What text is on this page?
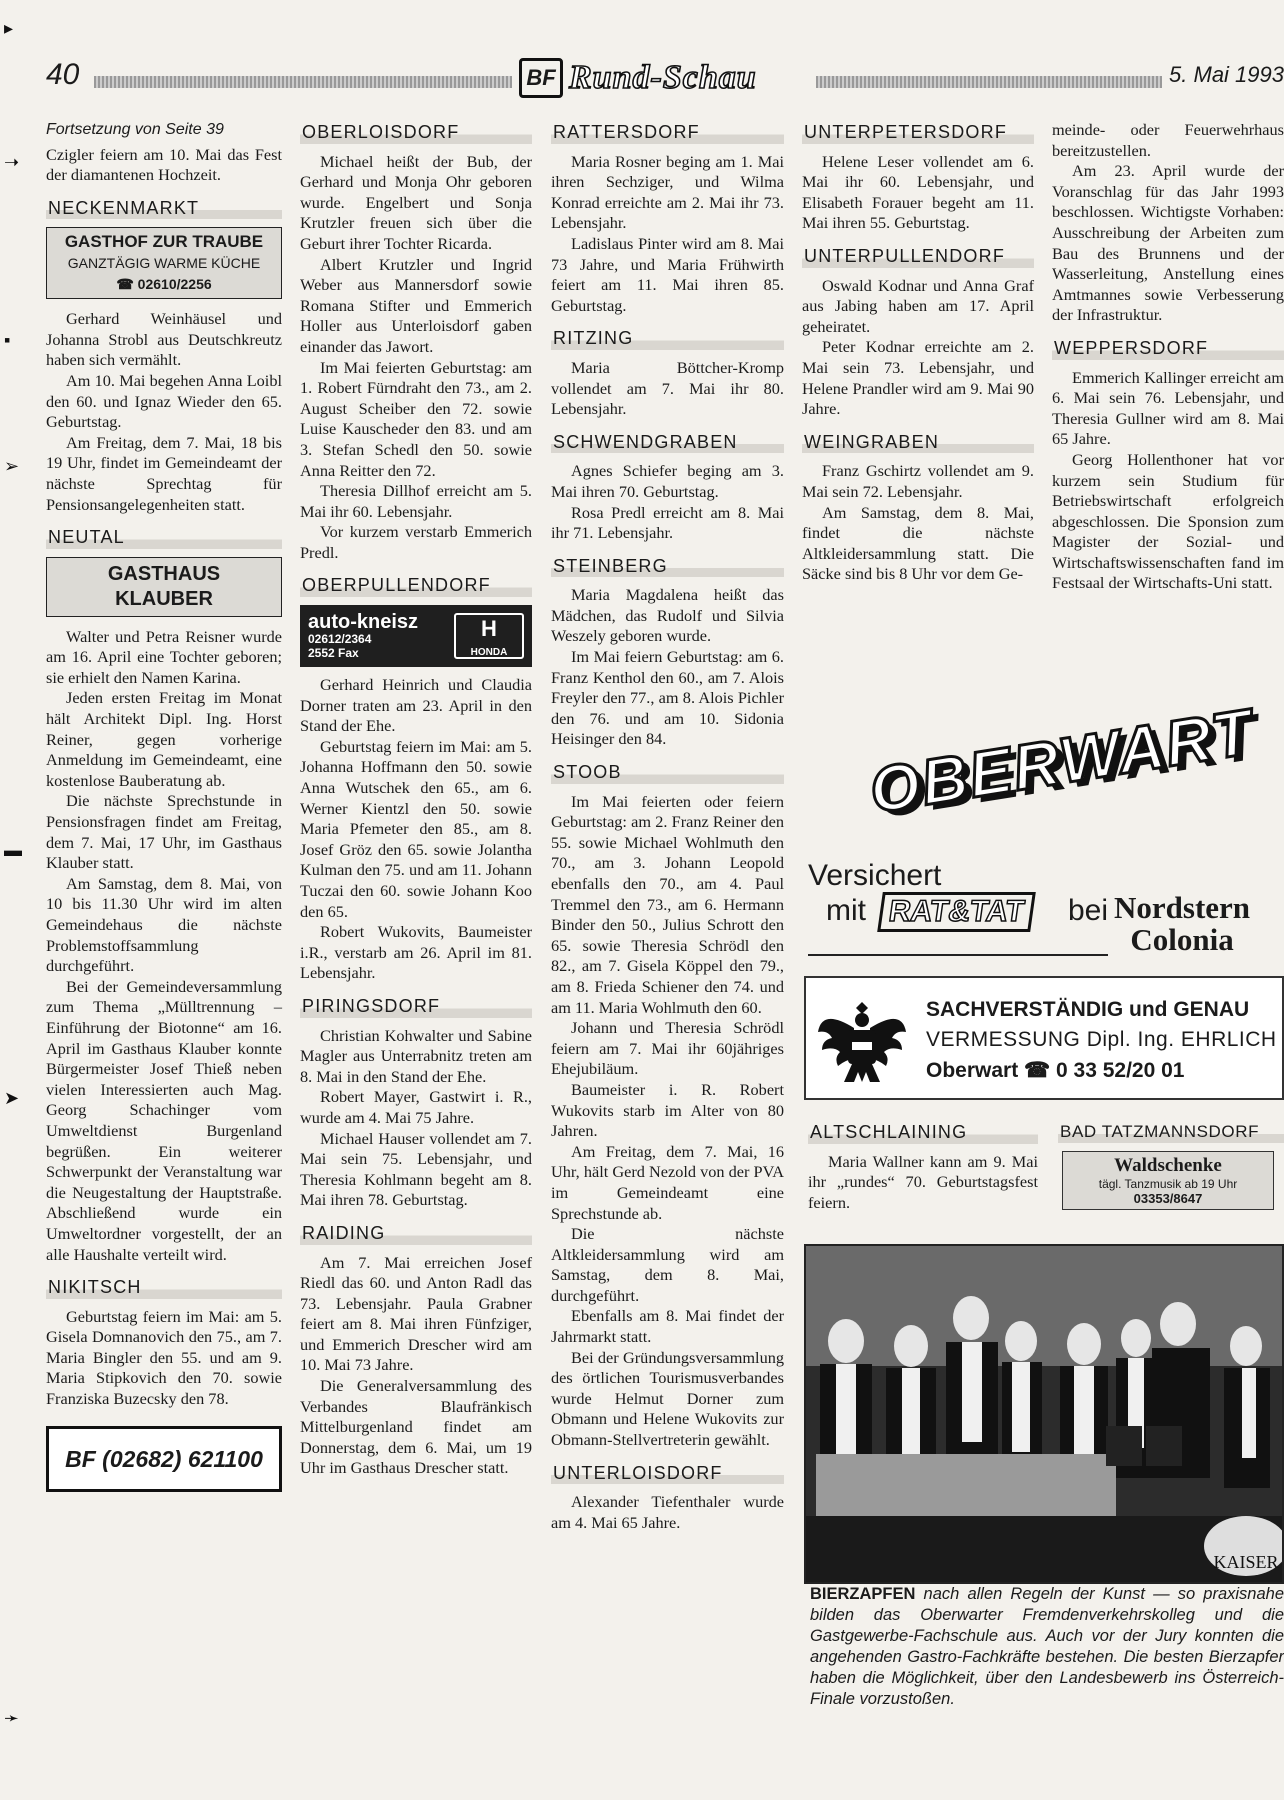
40	BF Rund-Schau	5. Mai 1993
Fortsetzung von Seite 39

Czigler feiern am 10. Mai das Fest der diamantenen Hochzeit.

NECKENMARKT
GASTHOF ZUR TRAUBE
GANZTÄGIG WARME KÜCHE
☎ 02610/2256

Gerhard Weinhäusel und Johanna Strobl aus Deutschkreutz haben sich vermählt.

Am 10. Mai begehen Anna Loibl den 60. und Ignaz Wieder den 65. Geburtstag.

Am Freitag, dem 7. Mai, 18 bis 19 Uhr, findet im Gemeindeamt der nächste Sprechtag für Pensionsangelegenheiten statt.

NEUTAL
GASTHAUS
KLAUBER

Walter und Petra Reisner wurde am 16. April eine Tochter geboren; sie erhielt den Namen Karina.

Jeden ersten Freitag im Monat hält Architekt Dipl. Ing. Horst Reiner, gegen vorherige Anmeldung im Gemeindeamt, eine kostenlose Bauberatung ab.

Die nächste Sprechstunde in Pensionsfragen findet am Freitag, dem 7. Mai, 17 Uhr, im Gasthaus Klauber statt.

Am Samstag, dem 8. Mai, von 10 bis 11.30 Uhr wird im alten Gemeindehaus die nächste Problemstoffsammlung durchgeführt.

Bei der Gemeindeversammlung zum Thema „Mülltrennung – Einführung der Biotonne“ am 16. April im Gasthaus Klauber konnte Bürgermeister Josef Thieß neben vielen Interessierten auch Mag. Georg Schachinger vom Umweltdienst Burgenland begrüßen. Ein weiterer Schwerpunkt der Veranstaltung war die Neugestaltung der Hauptstraße. Abschließend wurde ein Umweltordner vorgestellt, der an alle Haushalte verteilt wird.

NIKITSCH

Geburtstag feiern im Mai: am 5. Gisela Domnanovich den 75., am 7. Maria Bingler den 55. und am 9. Maria Stipkovich den 70. sowie Franziska Buzecsky den 78.

BF (02682) 621100
OBERLOISDORF

Michael heißt der Bub, der Gerhard und Monja Ohr geboren wurde. Engelbert und Sonja Krutzler freuen sich über die Geburt ihrer Tochter Ricarda.

Albert Krutzler und Ingrid Weber aus Mannersdorf sowie Romana Stifter und Emmerich Holler aus Unterloisdorf gaben einander das Jawort.

Im Mai feierten Geburtstag: am 1. Robert Fürndraht den 73., am 2. August Scheiber den 72. sowie Luise Kauscheder den 83. und am 3. Stefan Schedl den 50. sowie Anna Reitter den 72.

Theresia Dillhof erreicht am 5. Mai ihr 60. Lebensjahr.

Vor kurzem verstarb Emmerich Predl.

OBERPULLENDORF
auto-kneisz
02612/2364
2552 Fax
H
HONDA

Gerhard Heinrich und Claudia Dorner traten am 23. April in den Stand der Ehe.

Geburtstag feiern im Mai: am 5. Johanna Hoffmann den 50. sowie Anna Wutschek den 65., am 6. Werner Kientzl den 50. sowie Maria Pfemeter den 85., am 8. Josef Gröz den 65. sowie Jolantha Kulman den 75. und am 11. Johann Tuczai den 60. sowie Johann Koo den 65.

Robert Wukovits, Baumeister i.R., verstarb am 26. April im 81. Lebensjahr.

PIRINGSDORF

Christian Kohwalter und Sabine Magler aus Unterrabnitz treten am 8. Mai in den Stand der Ehe.

Robert Mayer, Gastwirt i. R., wurde am 4. Mai 75 Jahre.

Michael Hauser vollendet am 7. Mai sein 75. Lebensjahr, und Theresia Kohlmann begeht am 8. Mai ihren 78. Geburtstag.

RAIDING

Am 7. Mai erreichen Josef Riedl das 60. und Anton Radl das 73. Lebensjahr. Paula Grabner feiert am 8. Mai ihren Fünfziger, und Emmerich Drescher wird am 10. Mai 73 Jahre.

Die Generalversammlung des Verbandes Blaufränkisch Mittelburgenland findet am Donnerstag, dem 6. Mai, um 19 Uhr im Gasthaus Drescher statt.

RATTERSDORF

Maria Rosner beging am 1. Mai ihren Sechziger, und Wilma Konrad erreichte am 2. Mai ihr 73. Lebensjahr.

Ladislaus Pinter wird am 8. Mai 73 Jahre, und Maria Frühwirth feiert am 11. Mai ihren 85. Geburtstag.

RITZING

Maria Böttcher-Kromp vollendet am 7. Mai ihr 80. Lebensjahr.

SCHWENDGRABEN

Agnes Schiefer beging am 3. Mai ihren 70. Geburtstag.

Rosa Predl erreicht am 8. Mai ihr 71. Lebensjahr.

STEINBERG

Maria Magdalena heißt das Mädchen, das Rudolf und Silvia Weszely geboren wurde.

Im Mai feiern Geburtstag: am 6. Franz Kenthol den 60., am 7. Alois Freyler den 77., am 8. Alois Pichler den 76. und am 10. Sidonia Heisinger den 84.

STOOB

Im Mai feierten oder feiern Geburtstag: am 2. Franz Reiner den 55. sowie Michael Wohlmuth den 70., am 3. Johann Leopold ebenfalls den 70., am 4. Paul Tremmel den 73., am 6. Hermann Binder den 50., Julius Schrott den 65. sowie Theresia Schrödl den 82., am 7. Gisela Köppel den 79., am 8. Frieda Schiener den 74. und am 11. Maria Wohlmuth den 60.

Johann und Theresia Schrödl feiern am 7. Mai ihr 60jähriges Ehejubiläum.

Baumeister i. R. Robert Wukovits starb im Alter von 80 Jahren.

Am Freitag, dem 7. Mai, 16 Uhr, hält Gerd Nezold von der PVA im Gemeindeamt eine Sprechstunde ab.

Die nächste Altkleidersammlung wird am Samstag, dem 8. Mai, durchgeführt.

Ebenfalls am 8. Mai findet der Jahrmarkt statt.

Bei der Gründungsversammlung des örtlichen Tourismusverbandes wurde Helmut Dorner zum Obmann und Helene Wukovits zur Obmann-Stellvertreterin gewählt.

UNTERLOISDORF

Alexander Tiefenthaler wurde am 4. Mai 65 Jahre.

UNTERPETERSDORF

Helene Leser vollendet am 6. Mai ihr 60. Lebensjahr, und Elisabeth Forauer begeht am 11. Mai ihren 55. Geburtstag.

UNTERPULLENDORF

Oswald Kodnar und Anna Graf aus Jabing haben am 17. April geheiratet.

Peter Kodnar erreichte am 2. Mai sein 73. Lebensjahr, und Helene Prandler wird am 9. Mai 90 Jahre.

WEINGRABEN

Franz Gschirtz vollendet am 9. Mai sein 72. Lebensjahr.

Am Samstag, dem 8. Mai, findet die nächste Altkleidersammlung statt. Die Säcke sind bis 8 Uhr vor dem Ge-

meinde- oder Feuerwehrhaus bereitzustellen.

Am 23. April wurde der Voranschlag für das Jahr 1993 beschlossen. Wichtigste Vorhaben: Ausschreibung der Arbeiten zum Bau des Brunnens und der Wasserleitung, Anstellung eines Amtmannes sowie Verbesserung der Infrastruktur.

WEPPERSDORF

Emmerich Kallinger erreicht am 6. Mai sein 76. Lebensjahr, und Theresia Gullner wird am 8. Mai 65 Jahre.

Georg Hollenthoner hat vor kurzem sein Studium für Betriebswirtschaft erfolgreich abgeschlossen. Die Sponsion zum Magister der Sozial- und Wirtschaftswissenschaften fand im Festsaal der Wirtschafts-Uni statt.

OBERWART
Versichert
mit RAT&TAT	bei Nordstern
Colonia
SACHVERSTÄNDIG und GENAU
VERMESSUNG Dipl. Ing. EHRLICH
Oberwart ☎ 0 33 52/20 01
ALTSCHLAINING

Maria Wallner kann am 9. Mai ihr „rundes“ 70. Geburtstagsfest feiern.

BAD TATZMANNSDORF
Waldschenke
tägl. Tanzmusik ab 19 Uhr
03353/8647
KAISER
BIERZAPFEN nach allen Regeln der Kunst — so praxisnahe bilden das Oberwarter Fremdenverkehrskolleg und die Gastgewerbe-Fachschule aus. Auch vor der Jury konnten die angehenden Gastro-Fachkräfte bestehen. Die besten Bierzapfer haben die Möglichkeit, über den Landesbewerb ins Österreich-Finale vorzustoßen.
▸
➝
▪
➢
▬
➤
➛
